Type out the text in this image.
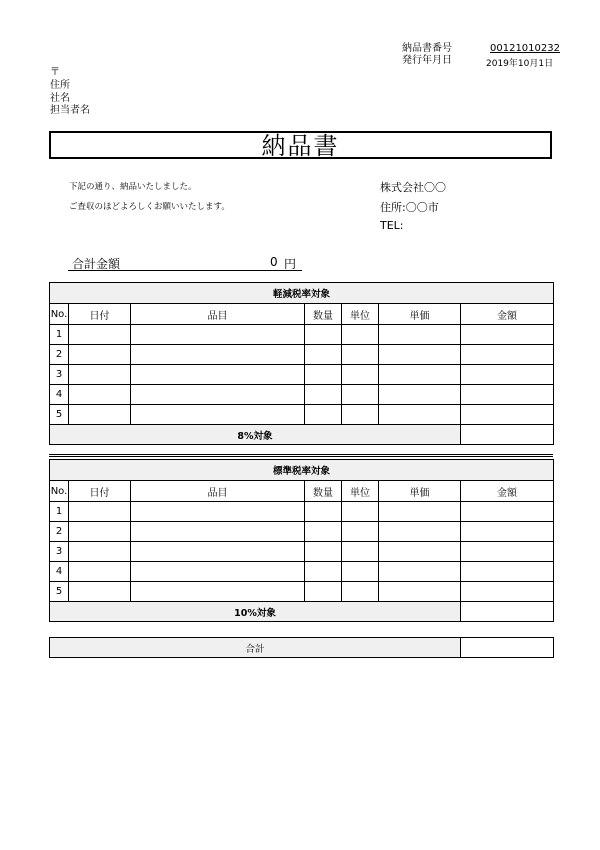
納品書番号	00121010232
発行年月日	2019年10月1日
〒
住所
社名
担当者名
納品書
下記の通り、納品いたしました。
ご査収のほどよろしくお願いいたします。
株式会社〇〇
住所:〇〇市
TEL:
合計金額	0 円
軽減税率対象						
No.	日付	品目	数量	単位	単価	金額
1						
2						
3						
4						
5						
8%対象						
標準税率対象						
No.	日付	品目	数量	単位	単価	金額
1						
2						
3						
4						
5						
10%対象						
合計	
